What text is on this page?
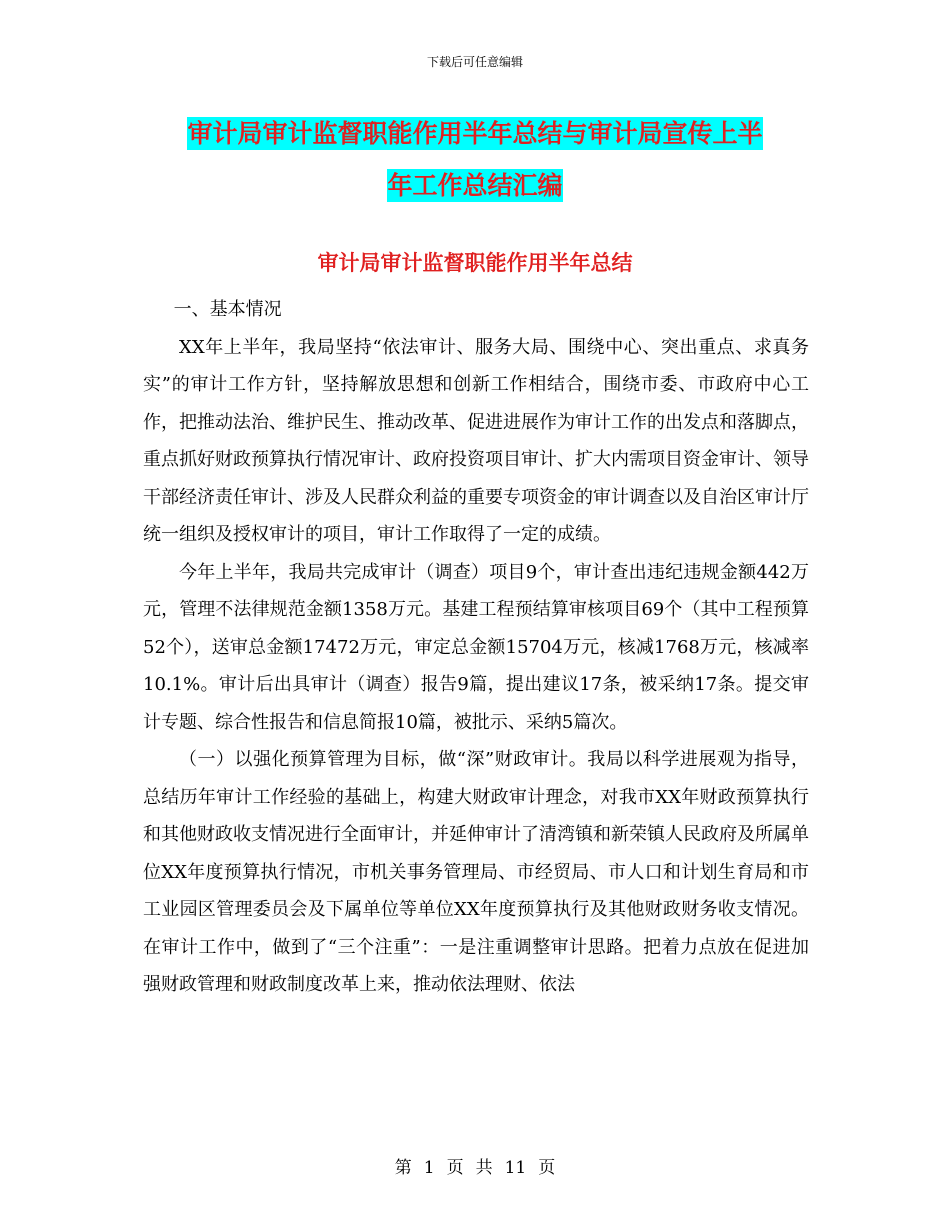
下载后可任意编辑
审计局审计监督职能作用半年总结与审计局宣传上半
年工作总结汇编
审计局审计监督职能作用半年总结

一、基本情况

XX年上半年，我局坚持“依法审计、服务大局、围绕中心、突出重点、求真务实”的审计工作方针，坚持解放思想和创新工作相结合，围绕市委、市政府中心工作，把推动法治、维护民生、推动改革、促进进展作为审计工作的出发点和落脚点，重点抓好财政预算执行情况审计、政府投资项目审计、扩大内需项目资金审计、领导干部经济责任审计、涉及人民群众利益的重要专项资金的审计调查以及自治区审计厅统一组织及授权审计的项目，审计工作取得了一定的成绩。

今年上半年，我局共完成审计（调查）项目9个，审计查出违纪违规金额442万元，管理不法律规范金额1358万元。基建工程预结算审核项目69个（其中工程预算52个），送审总金额17472万元，审定总金额15704万元，核减1768万元，核减率10.1%。审计后出具审计（调查）报告9篇，提出建议17条，被采纳17条。提交审计专题、综合性报告和信息简报10篇，被批示、采纳5篇次。

（一）以强化预算管理为目标，做“深”财政审计。我局以科学进展观为指导，总结历年审计工作经验的基础上，构建大财政审计理念，对我市XX年财政预算执行和其他财政收支情况进行全面审计，并延伸审计了清湾镇和新荣镇人民政府及所属单位XX年度预算执行情况，市机关事务管理局、市经贸局、市人口和计划生育局和市工业园区管理委员会及下属单位等单位XX年度预算执行及其他财政财务收支情况。在审计工作中，做到了“三个注重”：一是注重调整审计思路。把着力点放在促进加强财政管理和财政制度改革上来，推动依法理财、依法

第 1 页 共 11 页
